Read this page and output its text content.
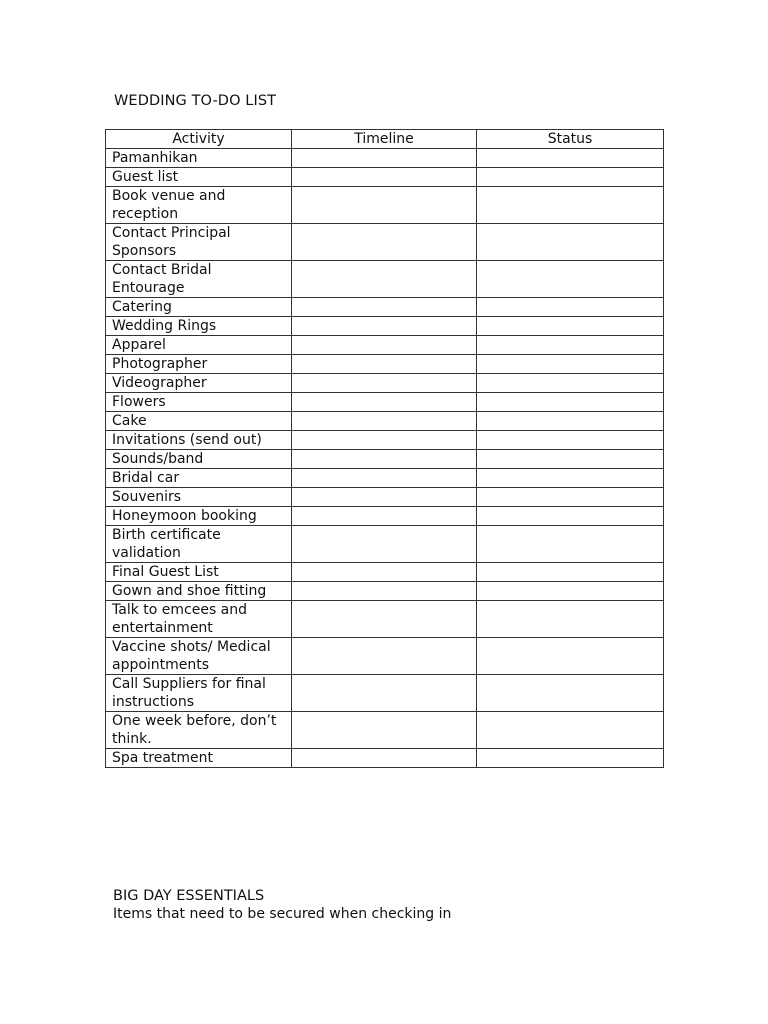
WEDDING TO-DO LIST
Activity	Timeline	Status
Pamanhikan		
Guest list		
Book venue and reception		
Contact Principal Sponsors		
Contact Bridal Entourage		
Catering		
Wedding Rings		
Apparel		
Photographer		
Videographer		
Flowers		
Cake		
Invitations (send out)		
Sounds/band		
Bridal car		
Souvenirs		
Honeymoon booking		
Birth certificate validation		
Final Guest List		
Gown and shoe fitting		
Talk to emcees and entertainment		
Vaccine shots/ Medical appointments		
Call Suppliers for final instructions		
One week before, don’t think.		
Spa treatment		
BIG DAY ESSENTIALS
Items that need to be secured when checking in
